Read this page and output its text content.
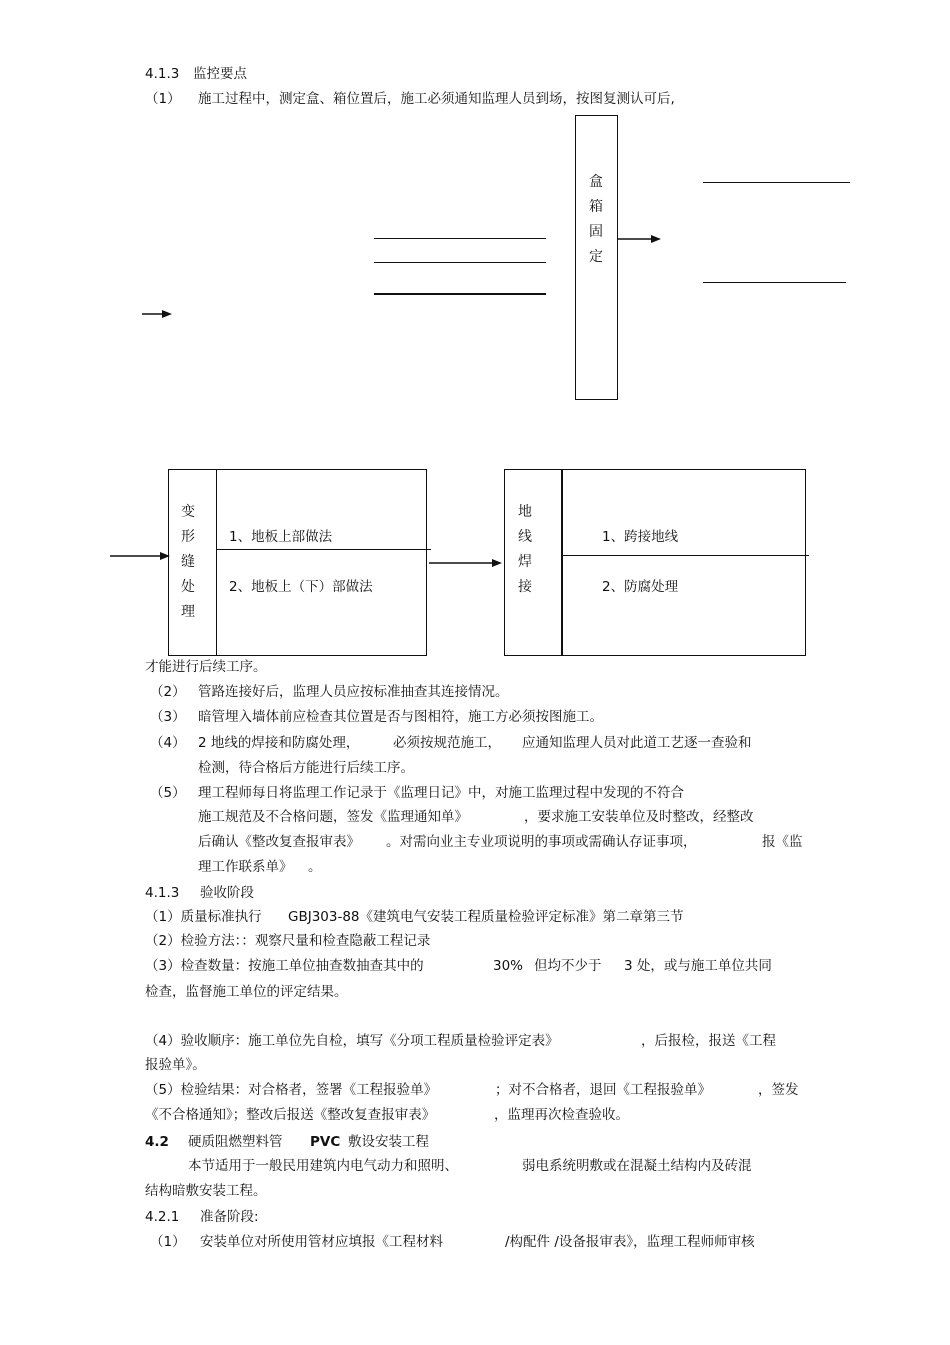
4.1.3 监控要点
（1） 施工过程中，测定盒、箱位置后，施工必须通知监理人员到场，按图复测认可后,
盒
箱
固
定
变
形
缝
处
理
1、地板上部做法
2、地板上（下）部做法
地
线
焊
接
1、跨接地线
2、防腐处理
才能进行后续工序。
（2） 管路连接好后，监理人员应按标准抽查其连接情况。
（3） 暗管埋入墙体前应检查其位置是否与图相符，施工方必须按图施工。
（4） 2 地线的焊接和防腐处理， 必须按规范施工， 应通知监理人员对此道工艺逐一查验和
检测，待合格后方能进行后续工序。
（5） 理工程师每日将监理工作记录于《监理日记》中，对施工监理过程中发现的不符合
施工规范及不合格问题，签发《监理通知单》	，要求施工安装单位及时整改，经整改
后确认《整改复查报审表》 。对需向业主专业项说明的事项或需确认存证事项，	报《监
理工作联系单》 。
4.1.3 验收阶段
（1）质量标准执行 GBJ303-88《建筑电气安装工程质量检验评定标准》第二章第三节
（2）检验方法：：观察尺量和检查隐蔽工程记录
（3）检查数量：按施工单位抽查数抽查其中的	30% 但均不少于 3 处，或与施工单位共同
检查，监督施工单位的评定结果。
（4）验收顺序：施工单位先自检，填写《分项工程质量检验评定表》	，后报检，报送《工程
报验单》。
（5）检验结果：对合格者，签署《工程报验单》	；对不合格者，退回《工程报验单》	，签发
《不合格通知》；整改后报送《整改复查报审表》	，监理再次检查验收。
4.2 硬质阻燃塑料管 PVC 敷设安装工程
本节适用于一般民用建筑内电气动力和照明、	弱电系统明敷或在混凝土结构内及砖混
结构暗敷安装工程。
4.2.1 准备阶段:
（1） 安装单位对所使用管材应填报《工程材料	/构配件 /设备报审表》，监理工程师师审核
